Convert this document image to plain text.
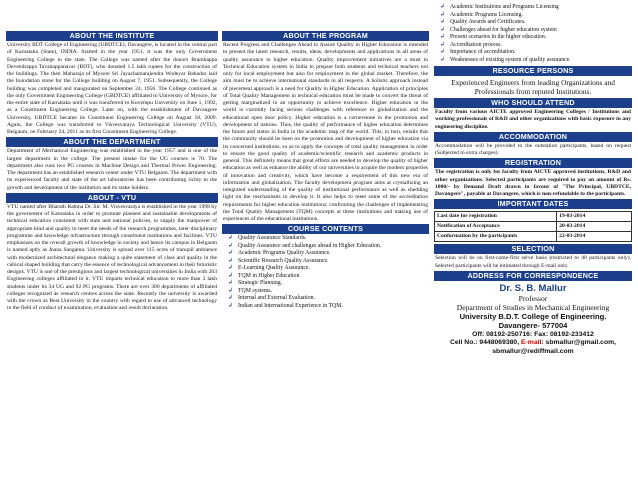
ABOUT THE INSTITUTE
University BDT College of Engineering (UBDTCE), Davangere, is located in the central part of Karnataka (State), INDIA. Started in the year 1951, it was the only Government Engineering College in the state. The College was named after the donors Bramhappa Devendrappa Tavanappanavar (BDT), who donated 1.5 lakh rupees for the construction of the buildings. The then Maharaja of Mysore Sri Jayachamarajendra Wodeyar Bahadur laid the foundation stone for the College building on August 7, 1951. Subsequently, the College building was completed and inaugurated on September 24, 1956. The College continued as the only Government Engineering College (GBDTCE) affiliated to University of Mysore, for the entire state of Karnataka until it was transferred to Kuvempu University on June 1, 1992, as a Constituent Engineering College. Later on, with the establishment of Davangere University, UBDTCE became its Constituent Engineering College on August 18, 2009. Again, the College was transferred to Visvesvaraya Technological University (VTU), Belgaum, on February 24, 2011 as its first Constituent Engineering College.
ABOUT THE DEPARTMENT
Department of Mechanical Engineering was established in the year 1957 and is one of the largest department in the college. The present intake for the UG courses is 70. The department also runs two PG courses in Machine Design and Thermal Power Engineering. The department has an established research center under VTU Belgaum. The department with its experienced faculty and state of the art laboratories has been contributing richly to the growth and development of the institution and its stake holders.
ABOUT - VTU
VTU named after Bharath Rathna Dr. Sir. M. Visvesvaraya is established in the year 1998 by the government of Karnataka in order to promote planned and sustainable developments of technical education consistent with state and national policies, to supply the manpower of appropriate kind and quality to meet the needs of the research programmes, inter disciplinary programme and knowledge infrastructure through constituent institutions and facilities. VTU emphasizes on the overall growth of knowledge in society and hence its campus in Belgaum is named aptly as Jnana Sangama. University is spread over 115 acres of tranquil ambience with modernized architectural elegance making a quite statement of class and quality in the cubical shaped building that carry the essence of technological advancement in their futuristic designs. VTU is one of the prestigious and largest technological universities in India with 203 Engineering colleges affiliated to it. VTU imparts technical education to more than 3 lakh students under its 34 UG and 92 PG programs. There are over 300 departments of affiliated colleges recognized as research centres across the state. Recently the university is awarded with the crown as Best University in the country with regard to use of advanced technology in the field of conduct of examination, evaluation and result declaration.
ABOUT THE PROGRAM
Recent Progress and Challenges Ahead to Assure Quality in Higher Education is intended to present the latest research, results, ideas, developments and applications in all areas of quality assurance in higher education. Quality improvement initiatives are a must in Technical Education system in India to prepare both students and technical teachers not only for local employment but also for employment in the global market. Therefore, the aim must be to achieve international standards in all respects. A holistic approach instead of piecemeal approach is a need for Quality in Higher Education. Application of principles of Total Quality Management in technical education must be made to convert the threat of getting marginalized to an opportunity to achieve excellence. Higher education in the world is currently facing serious challenges with reference to globalization and the educational open door policy. Higher education is a cornerstone in the promotion and development of nations. Thus, the quality of performance of higher education determines the future and status in India in the academic map of the world. This, in turn, entails that the community should be keen on the promotion and development of higher education via its concerned institutions, so as to apply the concepts of total quality management in order to ensure the good quality of academic/scientific research and academic products in general. This definitely means that great efforts are needed to develop the quality of higher education as well as enhance the ability of our universities to acquire the modern properties of innovation and creativity, which have become a requirement of this new era of information and globalization. The faculty development program aims at crystallizing an integrated understanding of the quality of institutional performance as well as shedding light on the mechanisms to develop it. It also helps to meet some of the accreditation requirements for higher education institutions; confronting the challenges of implementing the Total Quality Management (TQM) concepts at these institutions and making use of experiences of the educational institutions.
COURSE CONTENTS
↲ Quality Assurance Standards.
↲ Quality Assurance and challenges ahead in Higher Education.
↲ Academic Programs Quality Assurance.
↲ Scientific Research Quality Assurance.
↲ E-Learning Quality Assurance.
↲ TQM in Higher Education
↲ Strategic Planning.
↲ TQM systems.
↲ Internal and External Evaluation.
↲ Indian and International Experience in TQM.
↲ Academic Institutions and Programs Licensing
↲ Academic Programs Licensing.
↲ Quality Awards and Certificates.
↲ Challenges ahead for higher education system
↲ Present scenarios in the higher education.
↲ Accreditation process.
↲ Importance of accreditation.
↲ Weaknesses of existing system of quality assurance.
RESOURCE PERSONS
Experienced Engineers from leading Organizations and Professionals from reputed Institutions.
WHO SHOULD ATTEND
Faculty from various AICTE approved Engineering Colleges / Institutions and working professionals of R&D and other organizations with basic exposure in any engineering discipline.
ACCOMMODATION
Accommodation will be provided to the outstation participants, based on request (Subjected to extra charges).
REGISTRATION
The registration is only for faculty from AICTE approved institutions, R&D and other organizations. Selected participants are required to pay an amount of Rs. 1000/- by Demand Draft drawn in favour of "The Principal, UBDTCE, Davangere", payable at Davangere, which is non-refundable to the participants.
IMPORTANT DATES
Last date for registration	19-03-2014
Notification of Acceptance	20-03-2014
Conformation by the participants	22-03-2014
SELECTION
Selection will be on first-come-first serve basis (restricted to 40 participants only). Selected participants will be intimated through E-mail only.
ADDRESS FOR CORRESPONDENCE
Dr. S. B. Mallur
Professor
Department of Studies in Mechanical Engineering
University B.D.T. College of Engineering.
Davangere- 577004
Off: 08192-250716: Fax: 08192-233412
Cell No.: 9448069380, E-mail: sbmallur@gmail.com,
sbmallur@rediffmail.com
